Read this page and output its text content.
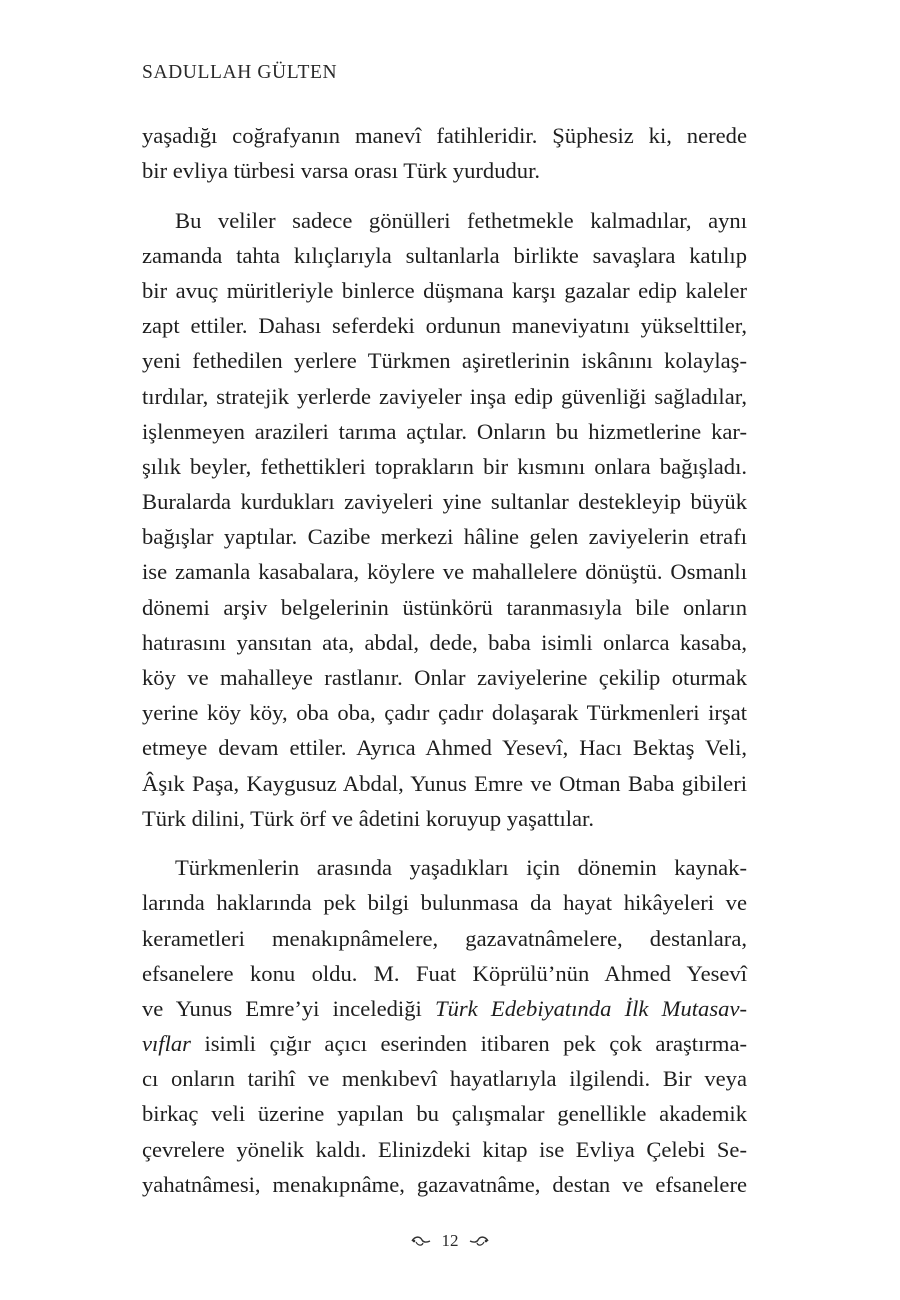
SADULLAH GÜLTEN
yaşadığı coğrafyanın manevî fatihleridir. Şüphesiz ki, nerede
bir evliya türbesi varsa orası Türk yurdudur.
Bu veliler sadece gönülleri fethetmekle kalmadılar, aynı
zamanda tahta kılıçlarıyla sultanlarla birlikte savaşlara katılıp
bir avuç müritleriyle binlerce düşmana karşı gazalar edip kaleler
zapt ettiler. Dahası seferdeki ordunun maneviyatını yükselttiler,
yeni fethedilen yerlere Türkmen aşiretlerinin iskânını kolaylaş-
tırdılar, stratejik yerlerde zaviyeler inşa edip güvenliği sağladılar,
işlenmeyen arazileri tarıma açtılar. Onların bu hizmetlerine kar-
şılık beyler, fethettikleri toprakların bir kısmını onlara bağışladı.
Buralarda kurdukları zaviyeleri yine sultanlar destekleyip büyük
bağışlar yaptılar. Cazibe merkezi hâline gelen zaviyelerin etrafı
ise zamanla kasabalara, köylere ve mahallelere dönüştü. Osmanlı
dönemi arşiv belgelerinin üstünkörü taranmasıyla bile onların
hatırasını yansıtan ata, abdal, dede, baba isimli onlarca kasaba,
köy ve mahalleye rastlanır. Onlar zaviyelerine çekilip oturmak
yerine köy köy, oba oba, çadır çadır dolaşarak Türkmenleri irşat
etmeye devam ettiler. Ayrıca Ahmed Yesevî, Hacı Bektaş Veli,
Âşık Paşa, Kaygusuz Abdal, Yunus Emre ve Otman Baba gibileri
Türk dilini, Türk örf ve âdetini koruyup yaşattılar.
Türkmenlerin arasında yaşadıkları için dönemin kaynak-
larında haklarında pek bilgi bulunmasa da hayat hikâyeleri ve
kerametleri menakıpnâmelere, gazavatnâmelere, destanlara,
efsanelere konu oldu. M. Fuat Köprülü’nün Ahmed Yesevî
ve Yunus Emre’yi incelediği Türk Edebiyatında İlk Mutasav-
vıflar isimli çığır açıcı eserinden itibaren pek çok araştırma-
cı onların tarihî ve menkıbevî hayatlarıyla ilgilendi. Bir veya
birkaç veli üzerine yapılan bu çalışmalar genellikle akademik
çevrelere yönelik kaldı. Elinizdeki kitap ise Evliya Çelebi Se-
yahatnâmesi, menakıpnâme, gazavatnâme, destan ve efsanelere
12
